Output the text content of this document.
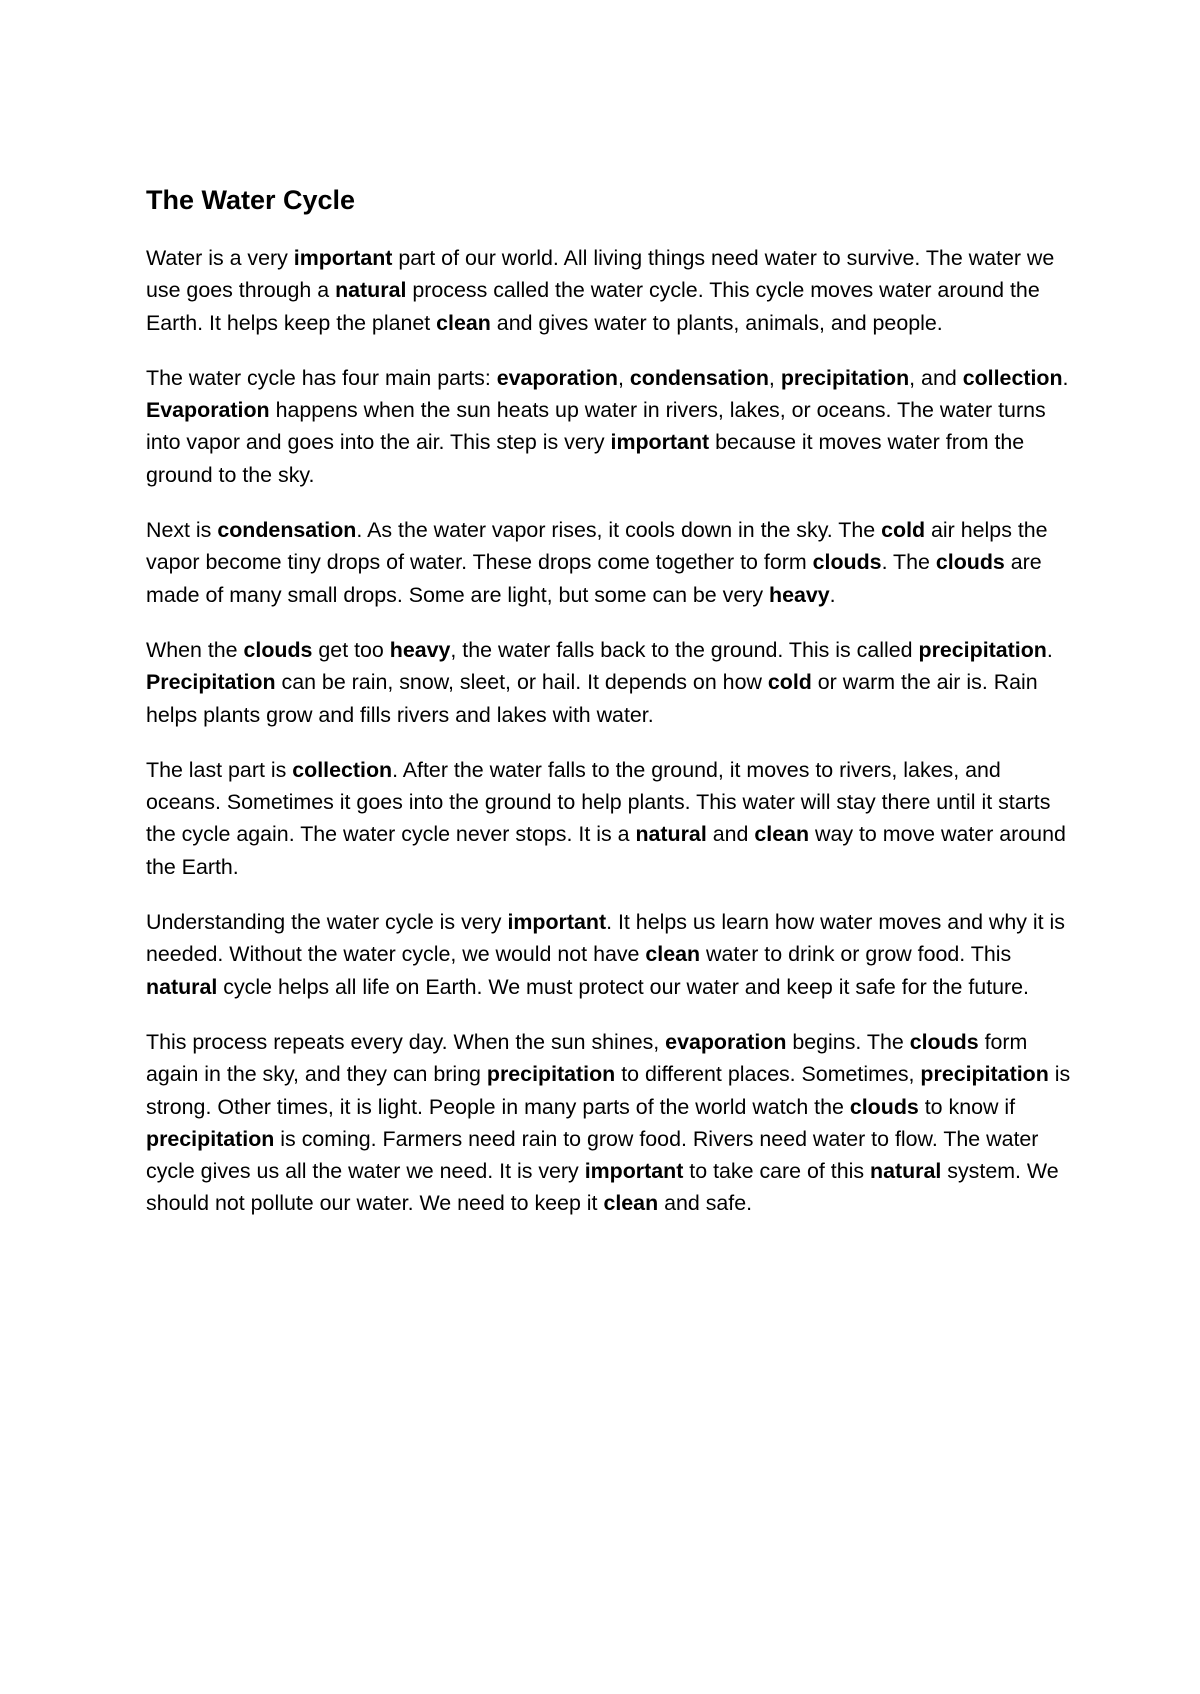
The Water Cycle

Water is a very important part of our world. All living things need water to survive. The water we use goes through a natural process called the water cycle. This cycle moves water around the Earth. It helps keep the planet clean and gives water to plants, animals, and people.

The water cycle has four main parts: evaporation, condensation, precipitation, and collection. Evaporation happens when the sun heats up water in rivers, lakes, or oceans. The water turns into vapor and goes into the air. This step is very important because it moves water from the ground to the sky.

Next is condensation. As the water vapor rises, it cools down in the sky. The cold air helps the vapor become tiny drops of water. These drops come together to form clouds. The clouds are made of many small drops. Some are light, but some can be very heavy.

When the clouds get too heavy, the water falls back to the ground. This is called precipitation. Precipitation can be rain, snow, sleet, or hail. It depends on how cold or warm the air is. Rain helps plants grow and fills rivers and lakes with water.

The last part is collection. After the water falls to the ground, it moves to rivers, lakes, and oceans. Sometimes it goes into the ground to help plants. This water will stay there until it starts the cycle again. The water cycle never stops. It is a natural and clean way to move water around the Earth.

Understanding the water cycle is very important. It helps us learn how water moves and why it is needed. Without the water cycle, we would not have clean water to drink or grow food. This natural cycle helps all life on Earth. We must protect our water and keep it safe for the future.

This process repeats every day. When the sun shines, evaporation begins. The clouds form again in the sky, and they can bring precipitation to different places. Sometimes, precipitation is strong. Other times, it is light. People in many parts of the world watch the clouds to know if precipitation is coming. Farmers need rain to grow food. Rivers need water to flow. The water cycle gives us all the water we need. It is very important to take care of this natural system. We should not pollute our water. We need to keep it clean and safe.
